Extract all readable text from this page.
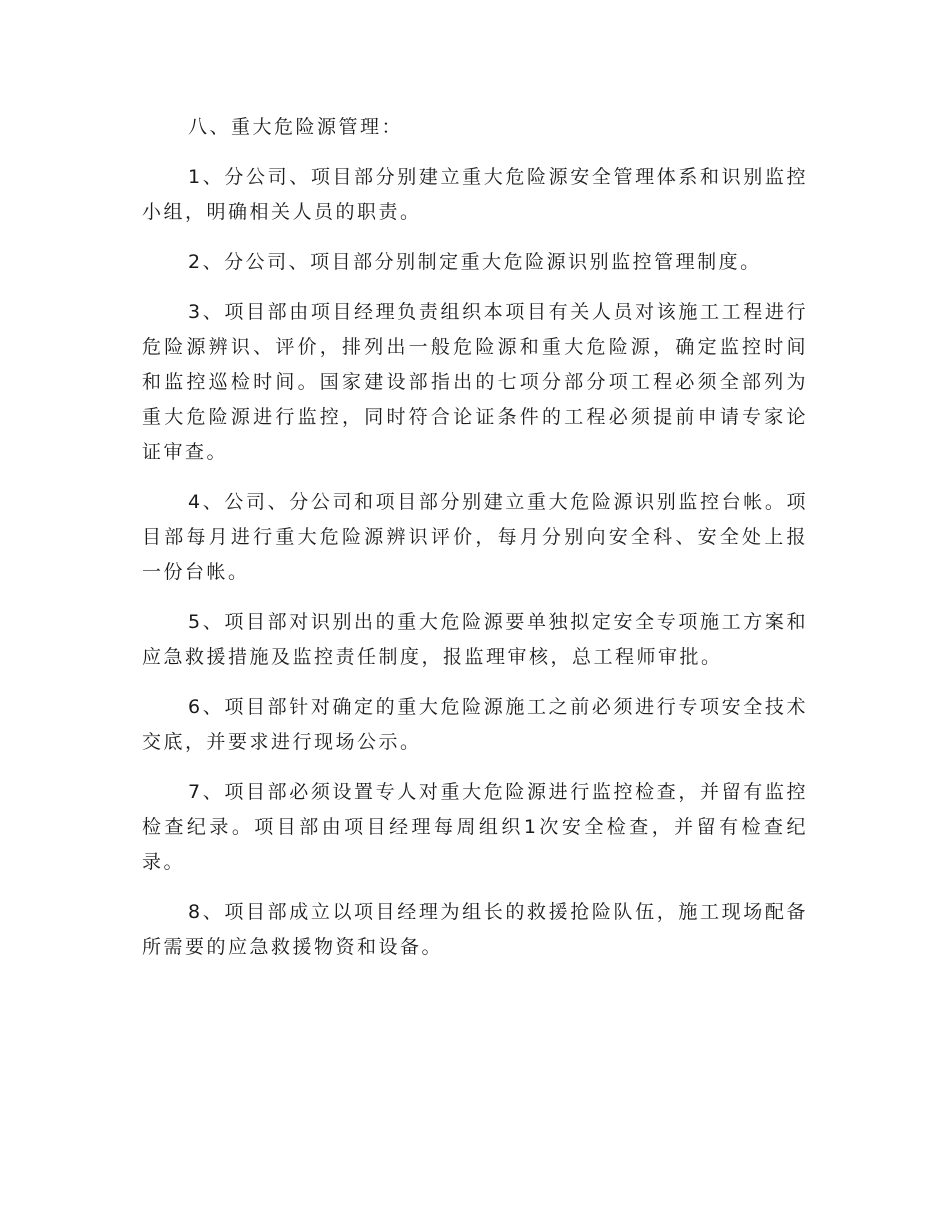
八、重大危险源管理：

1、分公司、项目部分别建立重大危险源安全管理体系和识别监控小组，明确相关人员的职责。

2、分公司、项目部分别制定重大危险源识别监控管理制度。

3、项目部由项目经理负责组织本项目有关人员对该施工工程进行危险源辨识、评价，排列出一般危险源和重大危险源，确定监控时间和监控巡检时间。国家建设部指出的七项分部分项工程必须全部列为重大危险源进行监控，同时符合论证条件的工程必须提前申请专家论证审查。

4、公司、分公司和项目部分别建立重大危险源识别监控台帐。项目部每月进行重大危险源辨识评价，每月分别向安全科、安全处上报一份台帐。

5、项目部对识别出的重大危险源要单独拟定安全专项施工方案和应急救援措施及监控责任制度，报监理审核，总工程师审批。

6、项目部针对确定的重大危险源施工之前必须进行专项安全技术交底，并要求进行现场公示。

7、项目部必须设置专人对重大危险源进行监控检查，并留有监控检查纪录。项目部由项目经理每周组织1次安全检查，并留有检查纪录。

8、项目部成立以项目经理为组长的救援抢险队伍，施工现场配备所需要的应急救援物资和设备。
